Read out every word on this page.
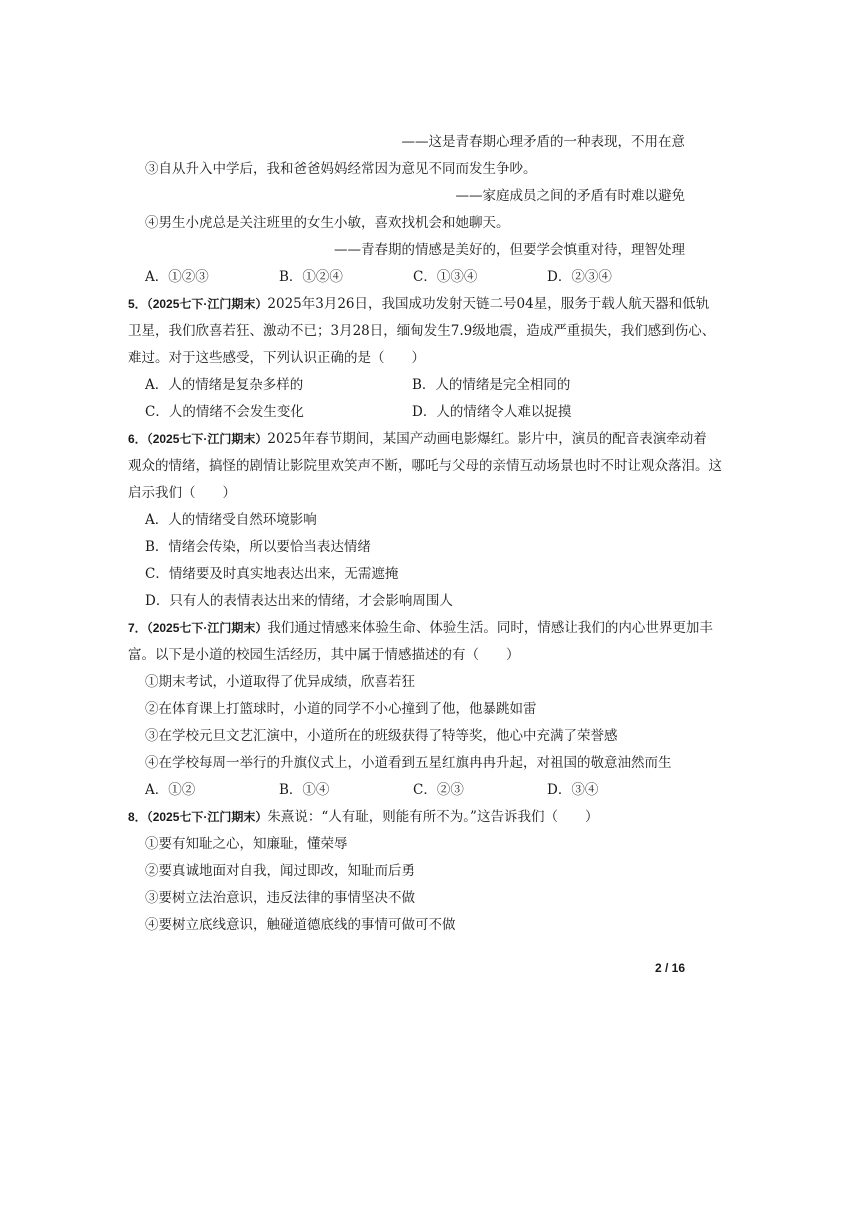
——这是青春期心理矛盾的一种表现，不用在意
③自从升入中学后，我和爸爸妈妈经常因为意见不同而发生争吵。
——家庭成员之间的矛盾有时难以避免
④男生小虎总是关注班里的女生小敏，喜欢找机会和她聊天。
——青春期的情感是美好的，但要学会慎重对待，理智处理
A．①②③	B．①②④	C．①③④	D．②③④
5．（2025七下·江门期末）2025年3月26日，我国成功发射天链二号04星，服务于载人航天器和低轨
卫星，我们欣喜若狂、激动不已；3月28日，缅甸发生7.9级地震，造成严重损失，我们感到伤心、
难过。对于这些感受，下列认识正确的是（　　）
A．人的情绪是复杂多样的	B．人的情绪是完全相同的
C．人的情绪不会发生变化	D．人的情绪令人难以捉摸
6．（2025七下·江门期末）2025年春节期间，某国产动画电影爆红。影片中，演员的配音表演牵动着
观众的情绪，搞怪的剧情让影院里欢笑声不断，哪吒与父母的亲情互动场景也时不时让观众落泪。这
启示我们（　　）
A．人的情绪受自然环境影响
B．情绪会传染，所以要恰当表达情绪
C．情绪要及时真实地表达出来，无需遮掩
D．只有人的表情表达出来的情绪，才会影响周围人
7．（2025七下·江门期末）我们通过情感来体验生命、体验生活。同时，情感让我们的内心世界更加丰
富。以下是小道的校园生活经历，其中属于情感描述的有（　　）
①期末考试，小道取得了优异成绩，欣喜若狂
②在体育课上打篮球时，小道的同学不小心撞到了他，他暴跳如雷
③在学校元旦文艺汇演中，小道所在的班级获得了特等奖，他心中充满了荣誉感
④在学校每周一举行的升旗仪式上，小道看到五星红旗冉冉升起，对祖国的敬意油然而生
A．①②	B．①④	C．②③	D．③④
8．（2025七下·江门期末）朱熹说：“人有耻，则能有所不为。”这告诉我们（　　）
①要有知耻之心，知廉耻，懂荣辱
②要真诚地面对自我，闻过即改，知耻而后勇
③要树立法治意识，违反法律的事情坚决不做
④要树立底线意识，触碰道德底线的事情可做可不做
2 / 16
